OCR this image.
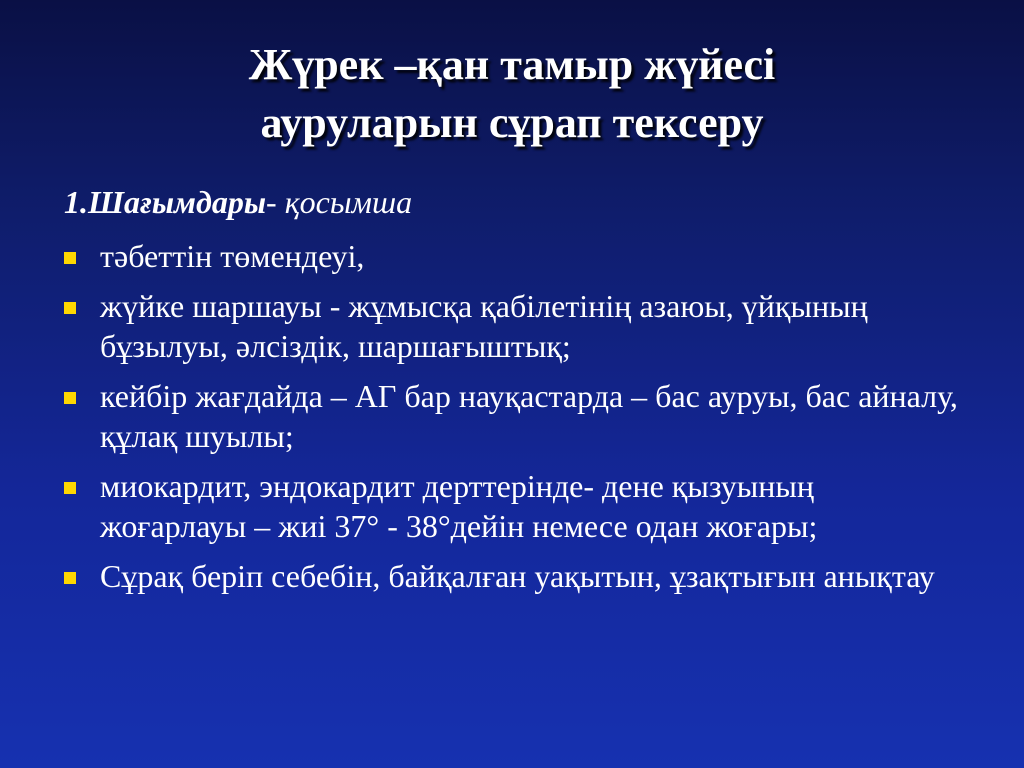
Жүрек –қан тамыр жүйесі
ауруларын сұрап тексеру
1.Шағымдары- қосымша
тәбеттін төмендеуі,
жүйке шаршауы - жұмысқа қабілетінің азаюы, үйқының бұзылуы, әлсіздік, шаршағыштық;
кейбір жағдайда – АГ бар науқастарда – бас ауруы, бас айналу, құлақ шуылы;
миокардит, эндокардит дерттерінде- дене қызуының жоғарлауы – жиі 37° - 38°дейін немесе одан жоғары;
Сұрақ беріп себебін, байқалған уақытын, ұзақтығын анықтау
